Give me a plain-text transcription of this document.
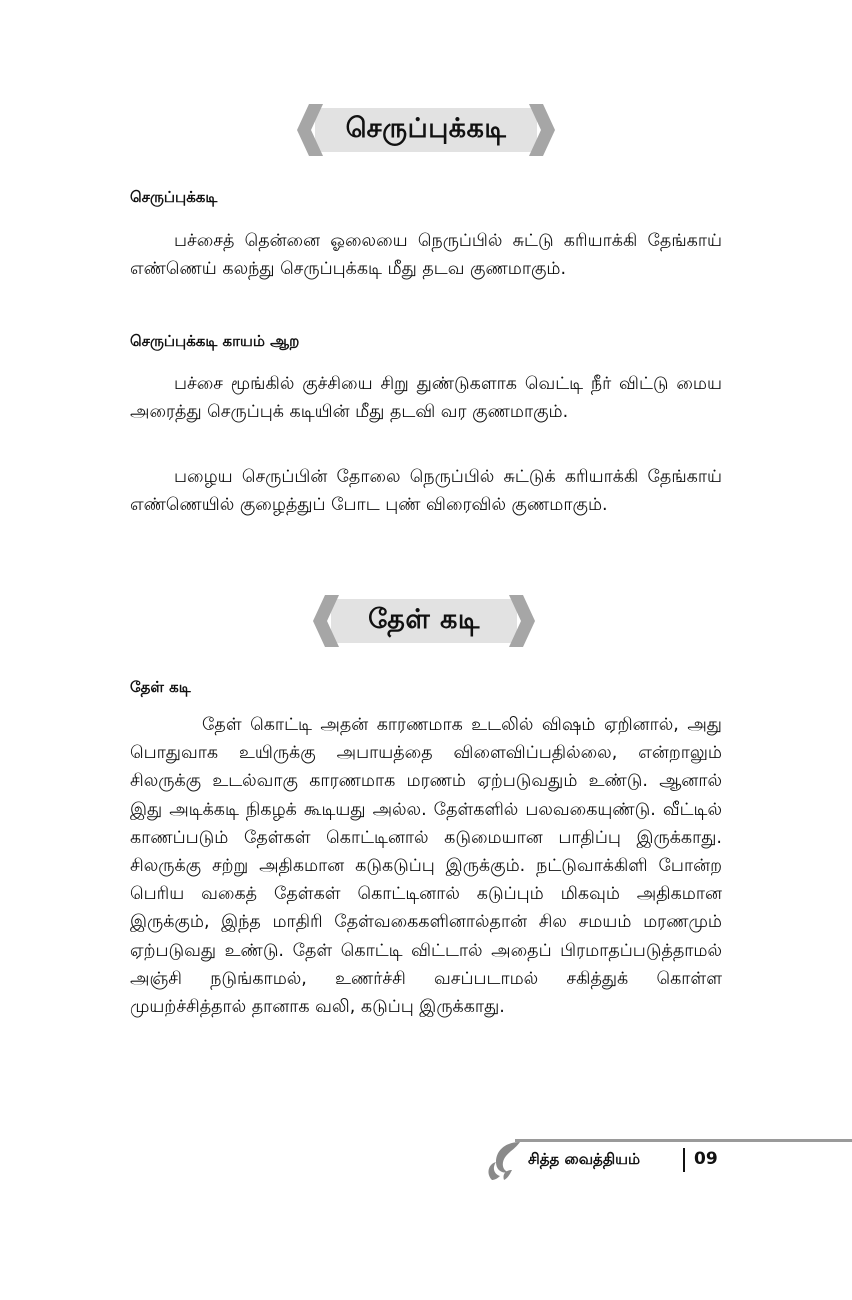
செருப்புக்கடி
செருப்புக்கடி

பச்சைத் தென்னை ஓலையை நெருப்பில் சுட்டு கரியாக்கி தேங்காய் எண்ணெய் கலந்து செருப்புக்கடி மீது தடவ குணமாகும்.

செருப்புக்கடி காயம் ஆற

பச்சை மூங்கில் குச்சியை சிறு துண்டுகளாக வெட்டி நீர் விட்டு மைய அரைத்து செருப்புக் கடியின் மீது தடவி வர குணமாகும்.

பழைய செருப்பின் தோலை நெருப்பில் சுட்டுக் கரியாக்கி தேங்காய் எண்ணெயில் குழைத்துப் போட புண் விரைவில் குணமாகும்.

தேள் கடி
தேள் கடி

தேள் கொட்டி அதன் காரணமாக உடலில் விஷம் ஏறினால், அது பொதுவாக உயிருக்கு அபாயத்தை விளைவிப்பதில்லை, என்றாலும் சிலருக்கு உடல்வாகு காரணமாக மரணம் ஏற்படுவதும் உண்டு. ஆனால் இது அடிக்கடி நிகழக் கூடியது அல்ல. தேள்களில் பலவகையுண்டு. வீட்டில் காணப்படும் தேள்கள் கொட்டினால் கடுமையான பாதிப்பு இருக்காது. சிலருக்கு சற்று அதிகமான கடுகடுப்பு இருக்கும். நட்டுவாக்கிளி போன்ற பெரிய வகைத் தேள்கள் கொட்டினால் கடுப்பும் மிகவும் அதிகமான இருக்கும், இந்த மாதிரி தேள்வகைகளினால்தான் சில சமயம் மரணமும் ஏற்படுவது உண்டு. தேள் கொட்டி விட்டால் அதைப் பிரமாதப்படுத்தாமல் அஞ்சி நடுங்காமல், உணர்ச்சி வசப்படாமல் சகித்துக் கொள்ள முயற்ச்சித்தால் தானாக வலி, கடுப்பு இருக்காது.

சித்த வைத்தியம்	09
